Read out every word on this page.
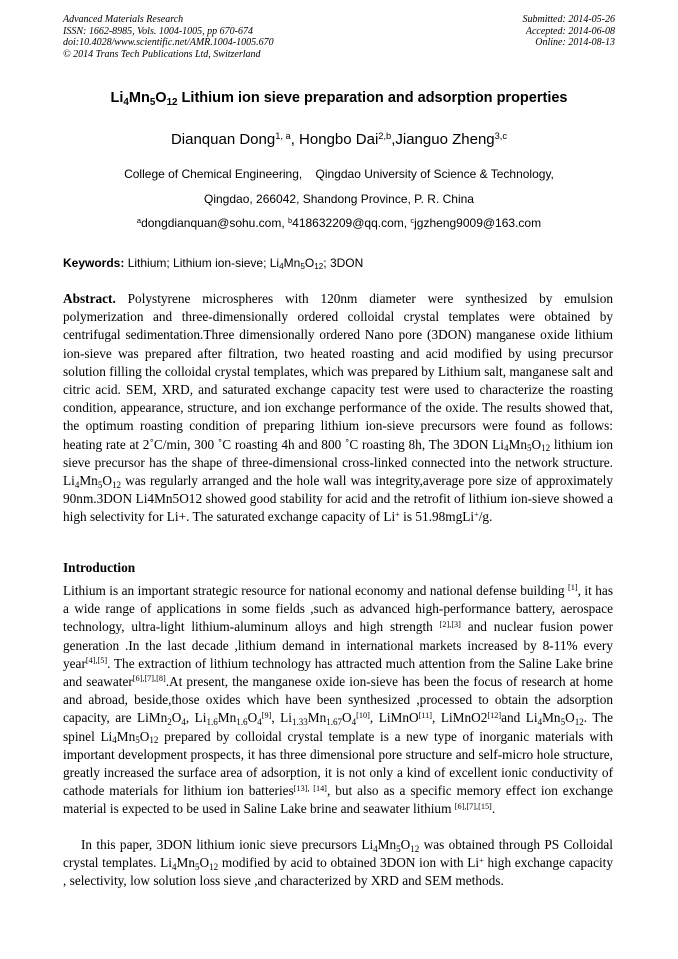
Advanced Materials Research
ISSN: 1662-8985, Vols. 1004-1005, pp 670-674
doi:10.4028/www.scientific.net/AMR.1004-1005.670
© 2014 Trans Tech Publications Ltd, Switzerland
Submitted: 2014-05-26
Accepted: 2014-06-08
Online: 2014-08-13
$Li_4Mn_5O_{12}$ Lithium ion sieve preparation and adsorption properties
Dianquan Dong$^{1, a}$, Hongbo Dai$^{2,b}$,Jianguo Zheng$^{3,c}$
College of Chemical Engineering,    Qingdao University of Science & Technology,
Qingdao, 266042, Shandong Province, P. R. China
$^a$dongdianquan@sohu.com, $^b$418632209@qq.com, $^c$jgzheng9009@163.com
Keywords: Lithium; Lithium ion-sieve; $Li_4Mn_5O_{12}$; 3DON
Abstract. Polystyrene microspheres with 120nm diameter were synthesized by emulsion polymerization and three-dimensionally ordered colloidal crystal templates were obtained by centrifugal sedimentation.Three dimensionally ordered Nano pore (3DON) manganese oxide lithium ion-sieve was prepared after filtration, two heated roasting and acid modified by using precursor solution filling the colloidal crystal templates, which was prepared by Lithium salt, manganese salt and citric acid. SEM, XRD, and saturated exchange capacity test were used to characterize the roasting condition, appearance, structure, and ion exchange performance of the oxide. The results showed that, the optimum roasting condition of preparing lithium ion-sieve precursors were found as follows: heating rate at 2˚C/min, 300 ˚C roasting 4h and 800 ˚C roasting 8h, The 3DON $Li_4Mn_5O_{12}$ lithium ion sieve precursor has the shape of three-dimensional cross-linked connected into the network structure. $Li_4Mn_5O_{12}$ was regularly arranged and the hole wall was integrity,average pore size of approximately 90nm.3DON Li4Mn5O12 showed good stability for acid and the retrofit of lithium ion-sieve showed a high selectivity for Li+. The saturated exchange capacity of Li+ is 51.98mgLi+/g.
Introduction
Lithium is an important strategic resource for national economy and national defense building [1], it has a wide range of applications in some fields ,such as advanced high-performance battery, aerospace technology, ultra-light lithium-aluminum alloys and high strength [2],[3] and nuclear fusion power generation .In the last decade ,lithium demand in international markets increased by 8-11% every year[4],[5]. The extraction of lithium technology has attracted much attention from the Saline Lake brine and seawater[6],[7],[8].At present, the manganese oxide ion-sieve has been the focus of research at home and abroad, beside,those oxides which have been synthesized ,processed to obtain the adsorption capacity, are $LiMn_2O_4$, $Li_{1.6}Mn_{1.6}O_4[9]$, $Li_{1.33}Mn_{1.67}O_4[10]$, LiMnO[11], LiMnO2[12]and $Li_4Mn_5O_{12}$. The spinel $Li_4Mn_5O_{12}$ prepared by colloidal crystal template is a new type of inorganic materials with important development prospects, it has three dimensional pore structure and self-micro hole structure, greatly increased the surface area of adsorption, it is not only a kind of excellent ionic conductivity of cathode materials for lithium ion batteries[13], [14], but also as a specific memory effect ion exchange material is expected to be used in Saline Lake brine and seawater lithium [6],[7],[15].
In this paper, 3DON lithium ionic sieve precursors $Li_4Mn_5O_{12}$ was obtained through PS Colloidal crystal templates. $Li_4Mn_5O_{12}$ modified by acid to obtained 3DON ion with Li+ high exchange capacity , selectivity, low solution loss sieve ,and characterized by XRD and SEM methods.
